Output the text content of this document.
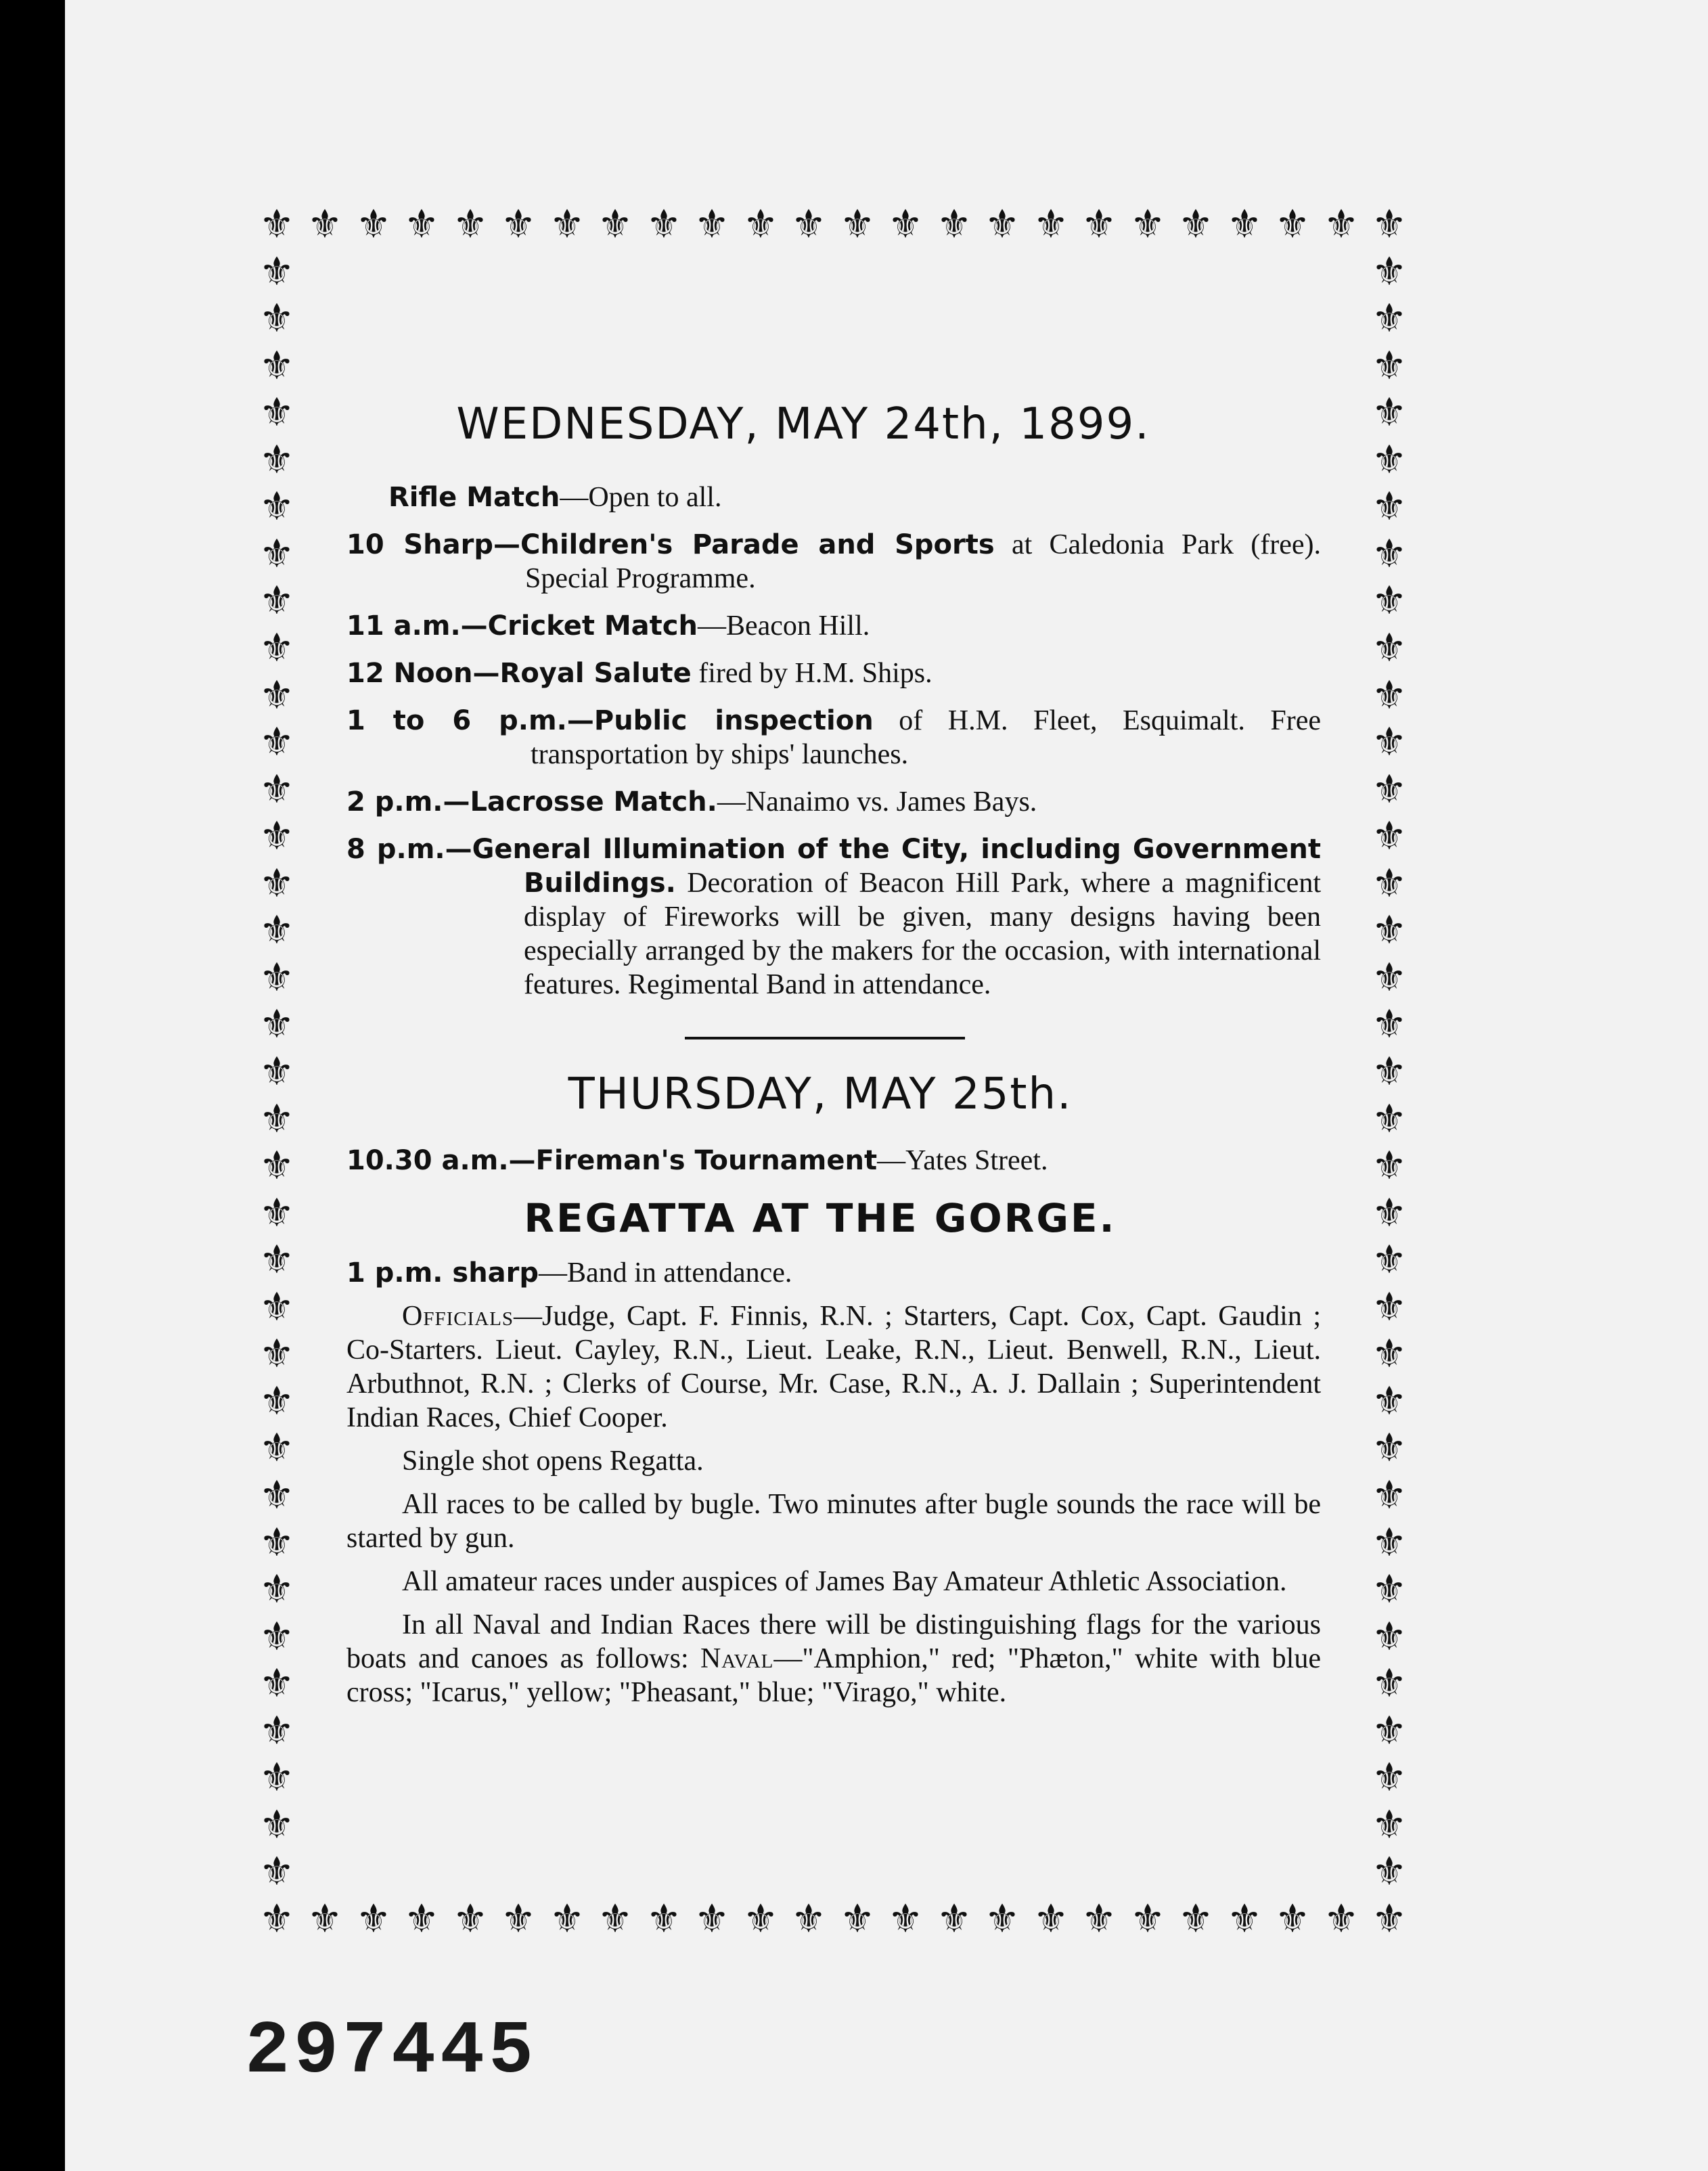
⚜
⚜
⚜
⚜
⚜
⚜
⚜
⚜
⚜
⚜
⚜
⚜
⚜
⚜
⚜
⚜
⚜
⚜
⚜
⚜
⚜
⚜
⚜
⚜
⚜
⚜
⚜
⚜
⚜
⚜
⚜
⚜
⚜
⚜
⚜
⚜
⚜
⚜
⚜
⚜
⚜
⚜
⚜
⚜
⚜
⚜
⚜
⚜
⚜	⚜
⚜	⚜
⚜	⚜
⚜	⚜
⚜	⚜
⚜	⚜
⚜	⚜
⚜	⚜
⚜	⚜
⚜	⚜
⚜	⚜
⚜	⚜
⚜	⚜
⚜	⚜
⚜	⚜
⚜	⚜
⚜	⚜
⚜	⚜
⚜	⚜
⚜	⚜
⚜	⚜
⚜	⚜
⚜	⚜
⚜	⚜
⚜	⚜
⚜	⚜
⚜	⚜
⚜	⚜
⚜	⚜
⚜	⚜
⚜	⚜
⚜	⚜
⚜	⚜
⚜	⚜
⚜	⚜
WEDNESDAY, MAY 24th, 1899.

Rifle Match—Open to all.

10 Sharp—Children's Parade and Sports at Caledonia Park (free). Special Programme.

11 a.m.—Cricket Match—Beacon Hill.

12 Noon—Royal Salute fired by H.M. Ships.

1 to 6 p.m.—Public inspection of H.M. Fleet, Esquimalt. Free transportation by ships' launches.

2 p.m.—Lacrosse Match.—Nanaimo vs. James Bays.

8 p.m.—General Illumination of the City, including Government Buildings. Decoration of Beacon Hill Park, where a magnificent display of Fireworks will be given, many designs having been especially arranged by the makers for the occasion, with international features. Regimental Band in attendance.

THURSDAY, MAY 25th.

10.30 a.m.—Fireman's Tournament—Yates Street.

REGATTA AT THE GORGE.

1 p.m. sharp—Band in attendance.

Officials—Judge, Capt. F. Finnis, R.N. ; Starters, Capt. Cox, Capt. Gaudin ; Co-Starters. Lieut. Cayley, R.N., Lieut. Leake, R.N., Lieut. Benwell, R.N., Lieut. Arbuthnot, R.N. ; Clerks of Course, Mr. Case, R.N., A. J. Dallain ; Superintendent Indian Races, Chief Cooper.

Single shot opens Regatta.

All races to be called by bugle. Two minutes after bugle sounds the race will be started by gun.

All amateur races under auspices of James Bay Amateur Athletic Association.

In all Naval and Indian Races there will be distinguishing flags for the various boats and canoes as follows: Naval—"Amphion," red; "Phæton," white with blue cross; "Icarus," yellow; "Pheasant," blue; "Virago," white.

297445
